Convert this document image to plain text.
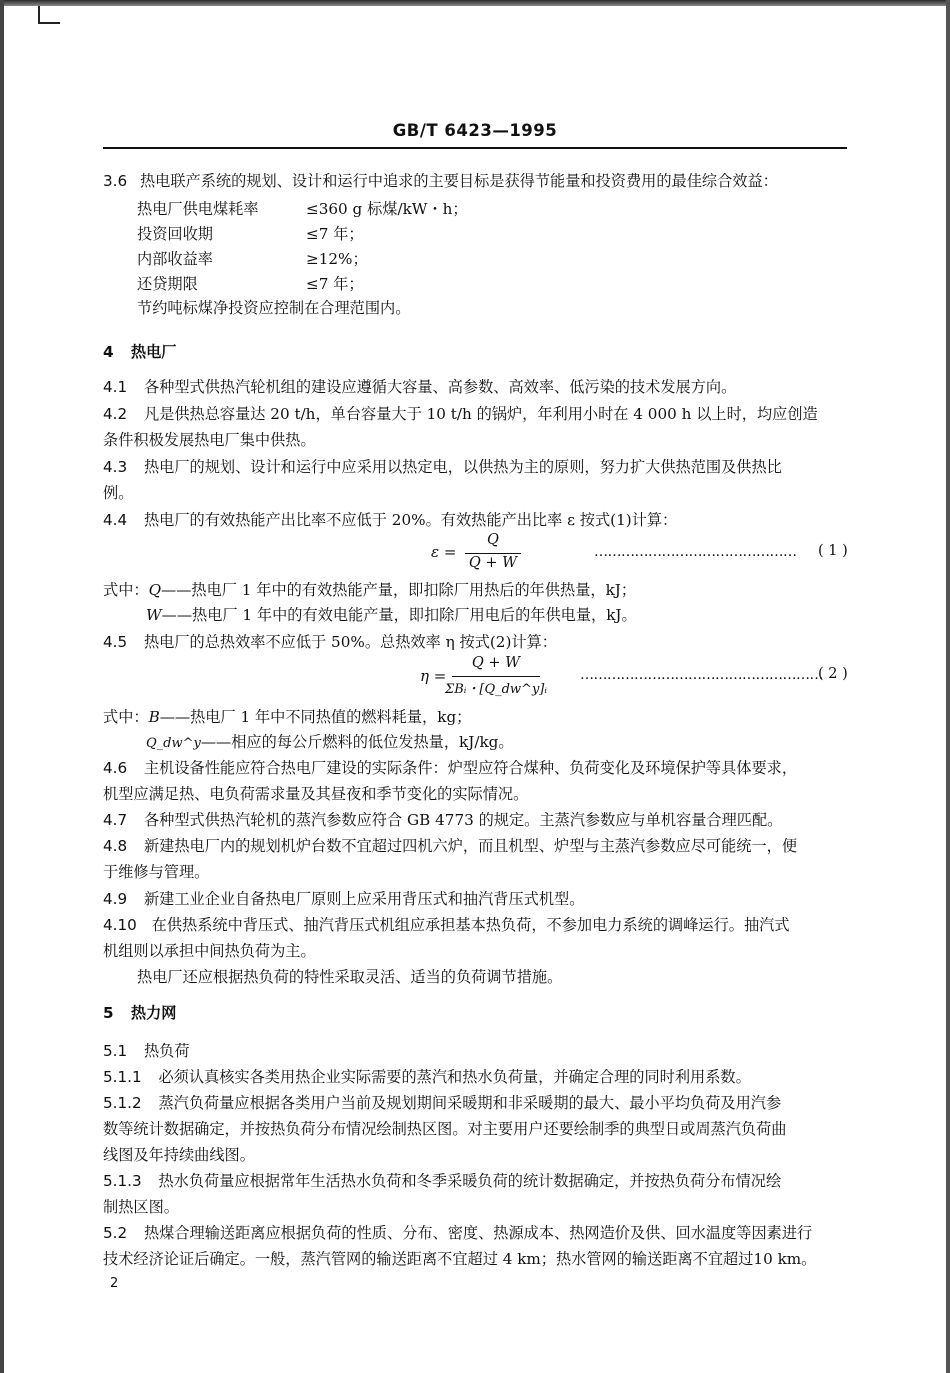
GB/T 6423—1995
3.6 热电联产系统的规划、设计和运行中追求的主要目标是获得节能量和投资费用的最佳综合效益：
热电厂供电煤耗率	≤360 g 标煤/kW・h；
投资回收期	≤7 年；
内部收益率	≥12%；
还贷期限	≤7 年；
节约吨标煤净投资应控制在合理范围内。
4 热电厂
4.1 各种型式供热汽轮机组的建设应遵循大容量、高参数、高效率、低污染的技术发展方向。
4.2 凡是供热总容量达 20 t/h，单台容量大于 10 t/h 的锅炉，年利用小时在 4 000 h 以上时，均应创造
条件积极发展热电厂集中供热。
4.3 热电厂的规划、设计和运行中应采用以热定电，以供热为主的原则，努力扩大供热范围及供热比
例。
4.4 热电厂的有效热能产出比率不应低于 20%。有效热能产出比率 ε 按式(1)计算：
ε =
Q
Q + W
……………………………………… ( 1 )
式中：Q——热电厂 1 年中的有效热能产量，即扣除厂用热后的年供热量，kJ；
W——热电厂 1 年中的有效电能产量，即扣除厂用电后的年供电量，kJ。
4.5 热电厂的总热效率不应低于 50%。总热效率 η 按式(2)计算：
η =
Q + W
ΣBᵢ・[Q_dw^y]ᵢ
………………………………………………
( 2 )
式中：B——热电厂 1 年中不同热值的燃料耗量，kg；
Q_dw^y——相应的每公斤燃料的低位发热量，kJ/kg。
4.6 主机设备性能应符合热电厂建设的实际条件：炉型应符合煤种、负荷变化及环境保护等具体要求，
机型应满足热、电负荷需求量及其昼夜和季节变化的实际情况。
4.7 各种型式供热汽轮机的蒸汽参数应符合 GB 4773 的规定。主蒸汽参数应与单机容量合理匹配。
4.8 新建热电厂内的规划机炉台数不宜超过四机六炉，而且机型、炉型与主蒸汽参数应尽可能统一，便
于维修与管理。
4.9 新建工业企业自备热电厂原则上应采用背压式和抽汽背压式机型。
4.10 在供热系统中背压式、抽汽背压式机组应承担基本热负荷，不参加电力系统的调峰运行。抽汽式
机组则以承担中间热负荷为主。
热电厂还应根据热负荷的特性采取灵活、适当的负荷调节措施。
5 热力网
5.1 热负荷
5.1.1 必须认真核实各类用热企业实际需要的蒸汽和热水负荷量，并确定合理的同时利用系数。
5.1.2 蒸汽负荷量应根据各类用户当前及规划期间采暖期和非采暖期的最大、最小平均负荷及用汽参
数等统计数据确定，并按热负荷分布情况绘制热区图。对主要用户还要绘制季的典型日或周蒸汽负荷曲
线图及年持续曲线图。
5.1.3 热水负荷量应根据常年生活热水负荷和冬季采暖负荷的统计数据确定，并按热负荷分布情况绘
制热区图。
5.2 热煤合理输送距离应根据负荷的性质、分布、密度、热源成本、热网造价及供、回水温度等因素进行
技术经济论证后确定。一般，蒸汽管网的输送距离不宜超过 4 km；热水管网的输送距离不宜超过10 km。
2
